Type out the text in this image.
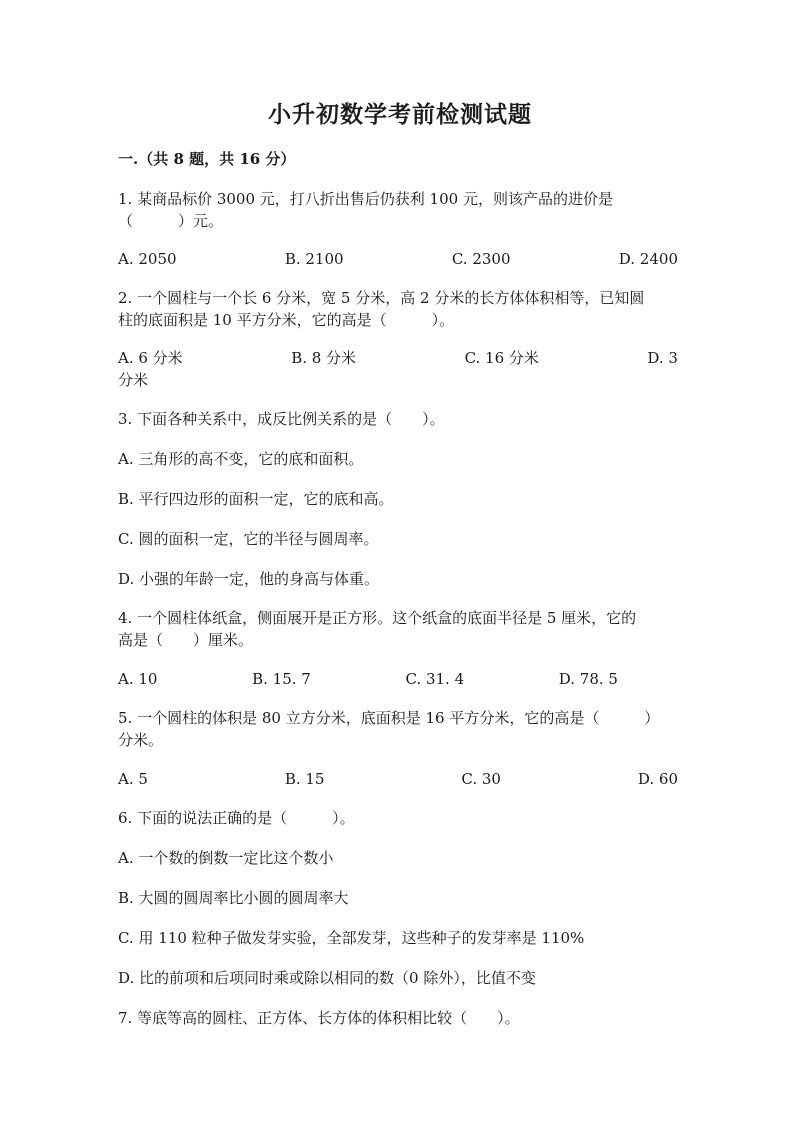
小升初数学考前检测试题
一.（共 8 题，共 16 分）
1. 某商品标价 3000 元，打八折出售后仍获利 100 元，则该产品的进价是
（　　　）元。
A. 2050	B. 2100	C. 2300	D. 2400
2. 一个圆柱与一个长 6 分米，宽 5 分米，高 2 分米的长方体体积相等，已知圆
柱的底面积是 10 平方分米，它的高是（　　　）。
A. 6 分米	B. 8 分米	C. 16 分米	D. 3
分米
3. 下面各种关系中，成反比例关系的是（　　）。
A. 三角形的高不变，它的底和面积。
B. 平行四边形的面积一定，它的底和高。
C. 圆的面积一定，它的半径与圆周率。
D. 小强的年龄一定，他的身高与体重。
4. 一个圆柱体纸盒，侧面展开是正方形。这个纸盒的底面半径是 5 厘米，它的
高是（　　）厘米。
A. 10	B. 15. 7	C. 31. 4	D. 78. 5
5. 一个圆柱的体积是 80 立方分米，底面积是 16 平方分米，它的高是（　　　）
分米。
A. 5	B. 15	C. 30	D. 60
6. 下面的说法正确的是（　　　）。
A. 一个数的倒数一定比这个数小
B. 大圆的圆周率比小圆的圆周率大
C. 用 110 粒种子做发芽实验，全部发芽，这些种子的发芽率是 110%
D. 比的前项和后项同时乘或除以相同的数（0 除外），比值不变
7. 等底等高的圆柱、正方体、长方体的体积相比较（　　）。
